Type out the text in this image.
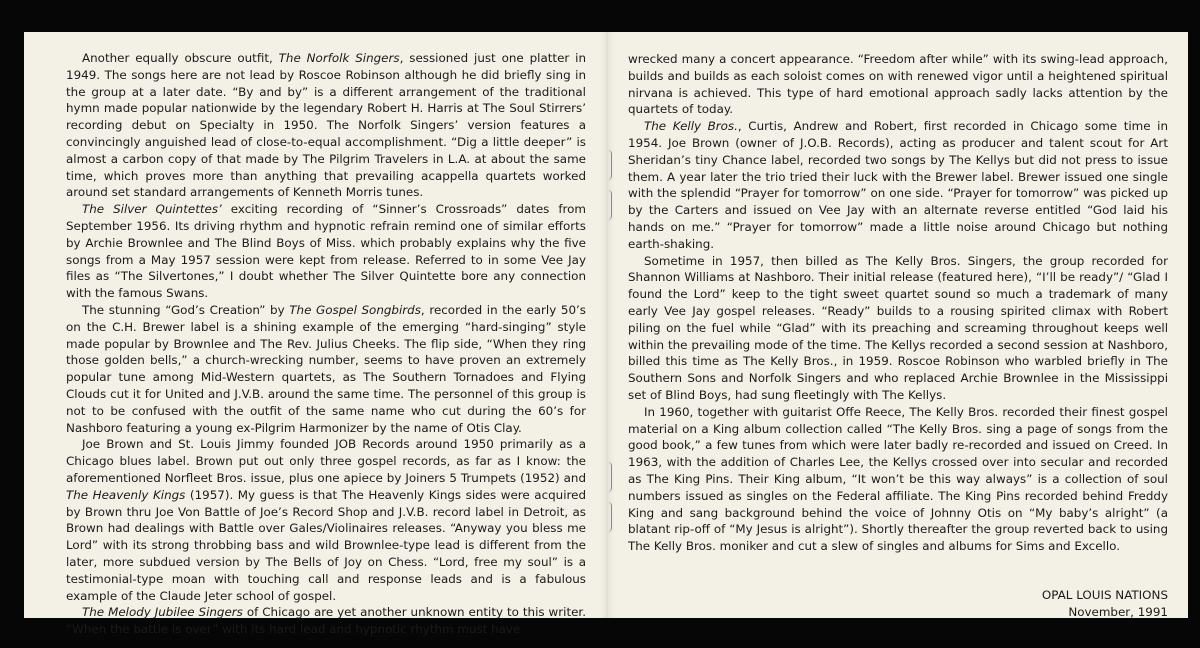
Another equally obscure outfit, The Norfolk Singers, sessioned just one platter in 1949. The songs here are not lead by Roscoe Robinson although he did briefly sing in the group at a later date. “By and by” is a different arrangement of the traditional hymn made popular nationwide by the legendary Robert H. Harris at The Soul Stirrers’ recording debut on Specialty in 1950. The Norfolk Singers’ version features a convincingly anguished lead of close-to-equal accomplishment. “Dig a little deeper” is almost a carbon copy of that made by The Pilgrim Travelers in L.A. at about the same time, which proves more than anything that prevailing acappella quartets worked around set standard arrangements of Kenneth Morris tunes.

The Silver Quintettes’ exciting recording of “Sinner’s Crossroads” dates from September 1956. Its driving rhythm and hypnotic refrain remind one of similar efforts by Archie Brownlee and The Blind Boys of Miss. which probably explains why the five songs from a May 1957 session were kept from release. Referred to in some Vee Jay files as “The Silvertones,” I doubt whether The Silver Quintette bore any connection with the famous Swans.

The stunning “God’s Creation” by The Gospel Songbirds, recorded in the early 50’s on the C.H. Brewer label is a shining example of the emerging “hard-singing” style made popular by Brownlee and The Rev. Julius Cheeks. The flip side, “When they ring those golden bells,” a church-wrecking number, seems to have proven an extremely popular tune among Mid-Western quartets, as The Southern Tornadoes and Flying Clouds cut it for United and J.V.B. around the same time. The personnel of this group is not to be confused with the outfit of the same name who cut during the 60’s for Nashboro featuring a young ex-Pilgrim Harmonizer by the name of Otis Clay.

Joe Brown and St. Louis Jimmy founded JOB Records around 1950 primarily as a Chicago blues label. Brown put out only three gospel records, as far as I know: the aforementioned Norfleet Bros. issue, plus one apiece by Joiners 5 Trumpets (1952) and The Heavenly Kings (1957). My guess is that The Heavenly Kings sides were acquired by Brown thru Joe Von Battle of Joe’s Record Shop and J.V.B. record label in Detroit, as Brown had dealings with Battle over Gales/Violinaires releases. “Anyway you bless me Lord” with its strong throbbing bass and wild Brownlee-type lead is different from the later, more subdued version by The Bells of Joy on Chess. “Lord, free my soul” is a testimonial-type moan with touching call and response leads and is a fabulous example of the Claude Jeter school of gospel.

The Melody Jubilee Singers of Chicago are yet another unknown entity to this writer. “When the battle is over” with its hard lead and hypnotic rhythm must have

wrecked many a concert appearance. “Freedom after while” with its swing-lead approach, builds and builds as each soloist comes on with renewed vigor until a heightened spiritual nirvana is achieved. This type of hard emotional approach sadly lacks attention by the quartets of today.

The Kelly Bros., Curtis, Andrew and Robert, first recorded in Chicago some time in 1954. Joe Brown (owner of J.O.B. Records), acting as producer and talent scout for Art Sheridan’s tiny Chance label, recorded two songs by The Kellys but did not press to issue them. A year later the trio tried their luck with the Brewer label. Brewer issued one single with the splendid “Prayer for tomorrow” on one side. “Prayer for tomorrow” was picked up by the Carters and issued on Vee Jay with an alternate reverse entitled “God laid his hands on me.” “Prayer for tomorrow” made a little noise around Chicago but nothing earth-shaking.

Sometime in 1957, then billed as The Kelly Bros. Singers, the group recorded for Shannon Williams at Nashboro. Their initial release (featured here), “I’ll be ready”/ “Glad I found the Lord” keep to the tight sweet quartet sound so much a trademark of many early Vee Jay gospel releases. “Ready” builds to a rousing spirited climax with Robert piling on the fuel while “Glad” with its preaching and screaming throughout keeps well within the prevailing mode of the time. The Kellys recorded a second session at Nashboro, billed this time as The Kelly Bros., in 1959. Roscoe Robinson who warbled briefly in The Southern Sons and Norfolk Singers and who replaced Archie Brownlee in the Mississippi set of Blind Boys, had sung fleetingly with The Kellys.

In 1960, together with guitarist Offe Reece, The Kelly Bros. recorded their finest gospel material on a King album collection called “The Kelly Bros. sing a page of songs from the good book,” a few tunes from which were later badly re-recorded and issued on Creed. In 1963, with the addition of Charles Lee, the Kellys crossed over into secular and recorded as The King Pins. Their King album, “It won’t be this way always” is a collection of soul numbers issued as singles on the Federal affiliate. The King Pins recorded behind Freddy King and sang background behind the voice of Johnny Otis on “My baby’s alright” (a blatant rip-off of “My Jesus is alright”). Shortly thereafter the group reverted back to using The Kelly Bros. moniker and cut a slew of singles and albums for Sims and Excello.

OPAL LOUIS NATIONS
November, 1991
